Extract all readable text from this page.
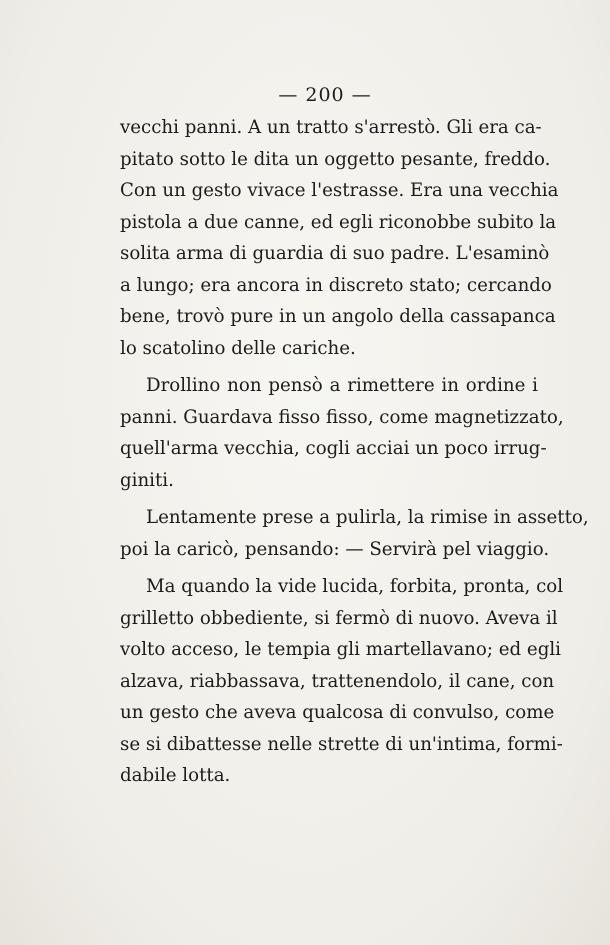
— 200 —
vecchi panni. A un tratto s'arrestò. Gli era ca-
pitato sotto le dita un oggetto pesante, freddo.
Con un gesto vivace l'estrasse. Era una vecchia
pistola a due canne, ed egli riconobbe subito la
solita arma di guardia di suo padre. L'esaminò
a lungo; era ancora in discreto stato; cercando
bene, trovò pure in un angolo della cassapanca
lo scatolino delle cariche.
Drollino non pensò a rimettere in ordine i
panni. Guardava fisso fisso, come magnetizzato,
quell'arma vecchia, cogli acciai un poco irrug-
giniti.
Lentamente prese a pulirla, la rimise in assetto,
poi la caricò, pensando: — Servirà pel viaggio.
Ma quando la vide lucida, forbita, pronta, col
grilletto obbediente, si fermò di nuovo. Aveva il
volto acceso, le tempia gli martellavano; ed egli
alzava, riabbassava, trattenendolo, il cane, con
un gesto che aveva qualcosa di convulso, come
se si dibattesse nelle strette di un'intima, formi-
dabile lotta.
